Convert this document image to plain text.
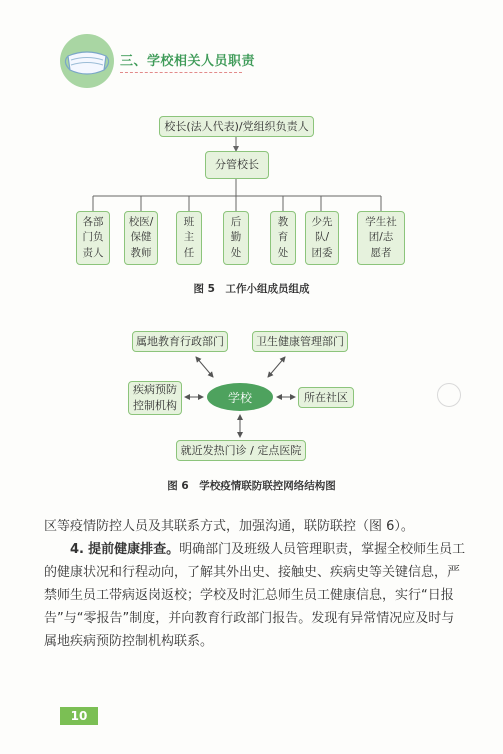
三、学校相关人员职责
校长(法人代表)/党组织负责人
分管校长
各部
门负
责人
校医/
保健
教师
班
主
任
后
勤
处
教
育
处
少先
队/
团委
学生社
团/志
愿者
图 5　工作小组成员组成
属地教育行政部门	卫生健康管理部门
疾病预防
控制机构
学校	所在社区
就近发热门诊 / 定点医院
图 6　学校疫情联防联控网络结构图

区等疫情防控人员及其联系方式，加强沟通，联防联控（图 6）。

4. 提前健康排查。明确部门及班级人员管理职责，掌握全校师生员工的健康状况和行程动向，了解其外出史、接触史、疾病史等关键信息，严禁师生员工带病返岗返校；学校及时汇总师生员工健康信息，实行“日报告”与“零报告”制度，并向教育行政部门报告。发现有异常情况应及时与属地疾病预防控制机构联系。

10
